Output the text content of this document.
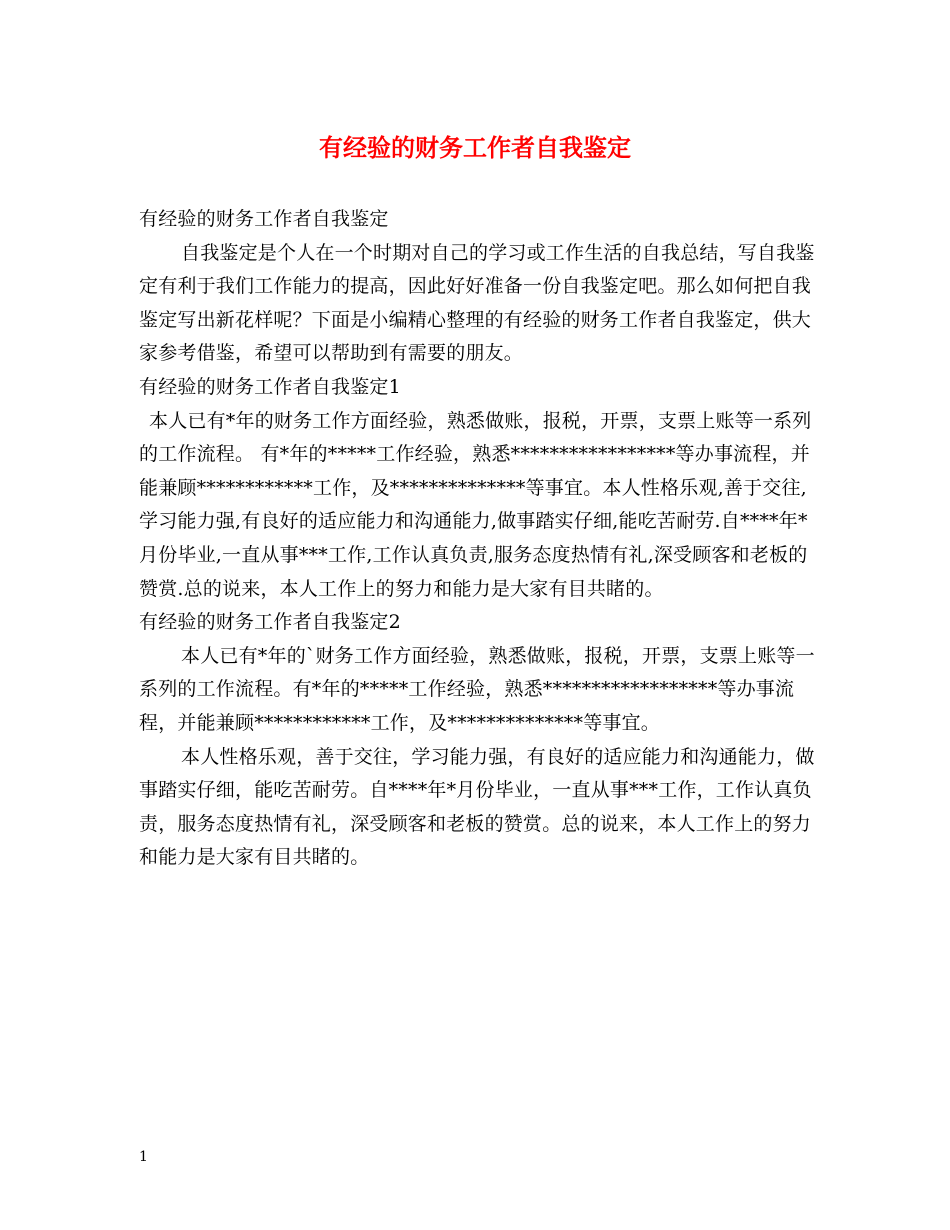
有经验的财务工作者自我鉴定

有经验的财务工作者自我鉴定

自我鉴定是个人在一个时期对自己的学习或工作生活的自我总结，写自我鉴定有利于我们工作能力的提高，因此好好准备一份自我鉴定吧。那么如何把自我鉴定写出新花样呢？下面是小编精心整理的有经验的财务工作者自我鉴定，供大家参考借鉴，希望可以帮助到有需要的朋友。

有经验的财务工作者自我鉴定1

本人已有*年的财务工作方面经验，熟悉做账，报税，开票，支票上账等一系列的工作流程。 有*年的*****工作经验，熟悉*****************等办事流程，并能兼顾************工作，及**************等事宜。本人性格乐观,善于交往,学习能力强,有良好的适应能力和沟通能力,做事踏实仔细,能吃苦耐劳.自****年*月份毕业,一直从事***工作,工作认真负责,服务态度热情有礼,深受顾客和老板的赞赏.总的说来，本人工作上的努力和能力是大家有目共睹的。

有经验的财务工作者自我鉴定2

本人已有*年的`财务工作方面经验，熟悉做账，报税，开票，支票上账等一系列的工作流程。有*年的*****工作经验，熟悉******************等办事流程，并能兼顾************工作，及**************等事宜。

本人性格乐观，善于交往，学习能力强，有良好的适应能力和沟通能力，做事踏实仔细，能吃苦耐劳。自****年*月份毕业，一直从事***工作，工作认真负责，服务态度热情有礼，深受顾客和老板的赞赏。总的说来，本人工作上的努力和能力是大家有目共睹的。

1
